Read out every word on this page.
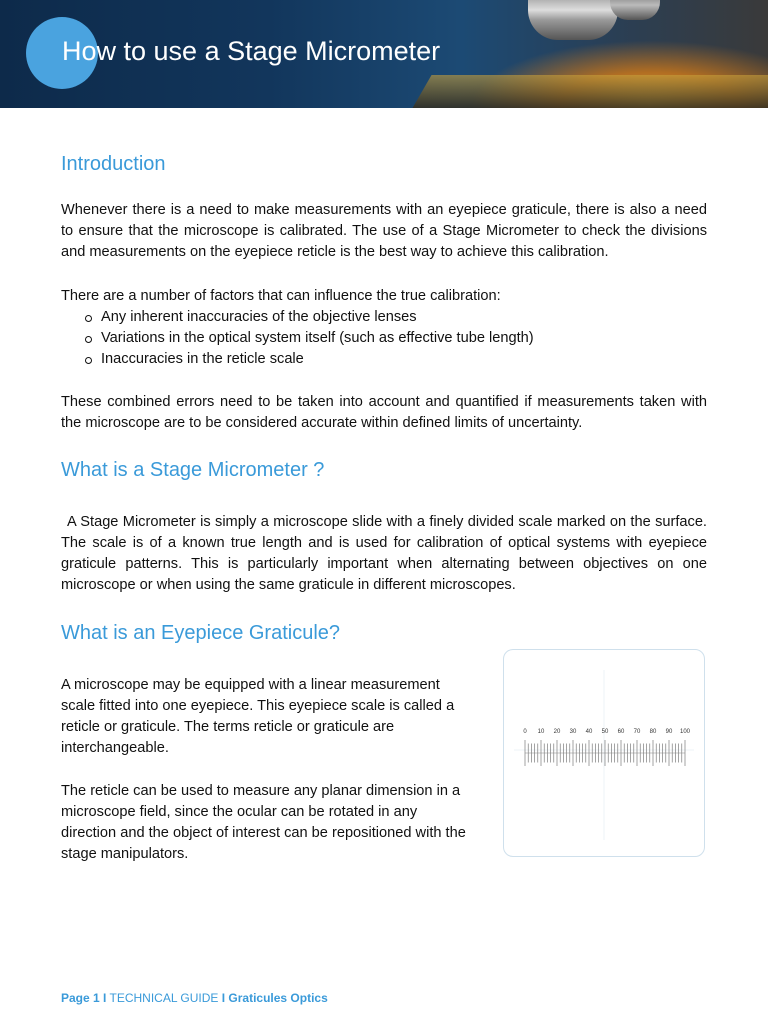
How to use a Stage Micrometer
Introduction

Whenever there is a need to make measurements with an eyepiece graticule, there is also a need to ensure that the microscope is calibrated. The use of a Stage Micrometer to check the divisions and measurements on the eyepiece reticle is the best way to achieve this calibration.

There are a number of factors that can influence the true calibration:

Any inherent inaccuracies of the objective lenses
Variations in the optical system itself (such as effective tube length)
Inaccuracies in the reticle scale

These combined errors need to be taken into account and quantified if measurements taken with the microscope are to be considered accurate within defined limits of uncertainty.

What is a Stage Micrometer ?

A Stage Micrometer is simply a microscope slide with a finely divided scale marked on the surface. The scale is of a known true length and is used for calibration of optical systems with eyepiece graticule patterns. This is particularly important when alternating between objectives on one microscope or when using the same graticule in different microscopes.

What is an Eyepiece Graticule?

A microscope may be equipped with a linear measurement scale fitted into one eyepiece. This eyepiece scale is called a reticle or graticule. The terms reticle or graticule are interchangeable.

The reticle can be used to measure any planar dimension in a microscope field, since the ocular can be rotated in any direction and the object of interest can be repositioned with the stage manipulators.

0 10 20 30 40 50 60 70 80 90 100
Page 1 I TECHNICAL GUIDE I Graticules Optics
